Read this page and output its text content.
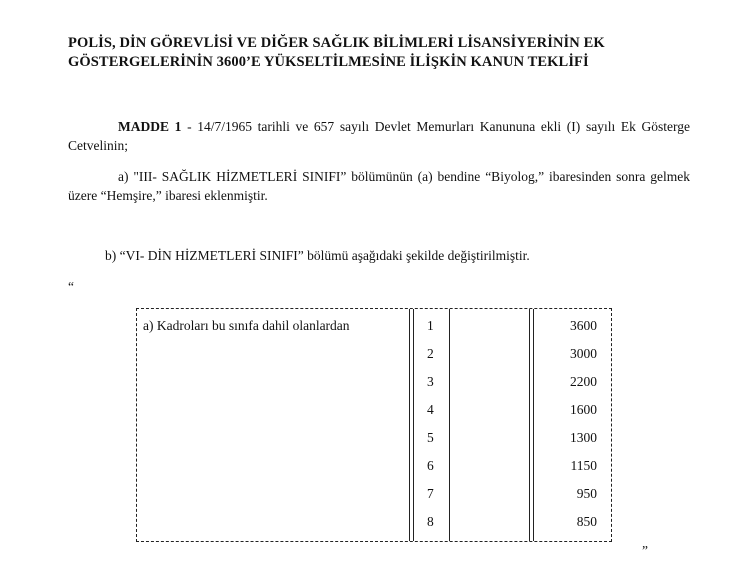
POLİS, DİN GÖREVLİSİ VE DİĞER SAĞLIK BİLİMLERİ LİSANSİYERİNİN EK GÖSTERGELERİNİN 3600’E YÜKSELTİLMESİNE İLİŞKİN KANUN TEKLİFİ

MADDE 1 - 14/7/1965 tarihli ve 657 sayılı Devlet Memurları Kanununa ekli (I) sayılı Ek Gösterge Cetvelinin;

a) "III- SAĞLIK HİZMETLERİ SINIFI” bölümünün (a) bendine “Biyolog,” ibaresinden sonra gelmek üzere “Hemşire,” ibaresi eklenmiştir.

b) “VI- DİN HİZMETLERİ SINIFI” bölümü aşağıdaki şekilde değiştirilmiştir.

“

a) Kadroları bu sınıfa dahil olanlardan	1	3600
2	3000
3	2200
4	1600
5	1300
6	1150
7	950
8	850

”
